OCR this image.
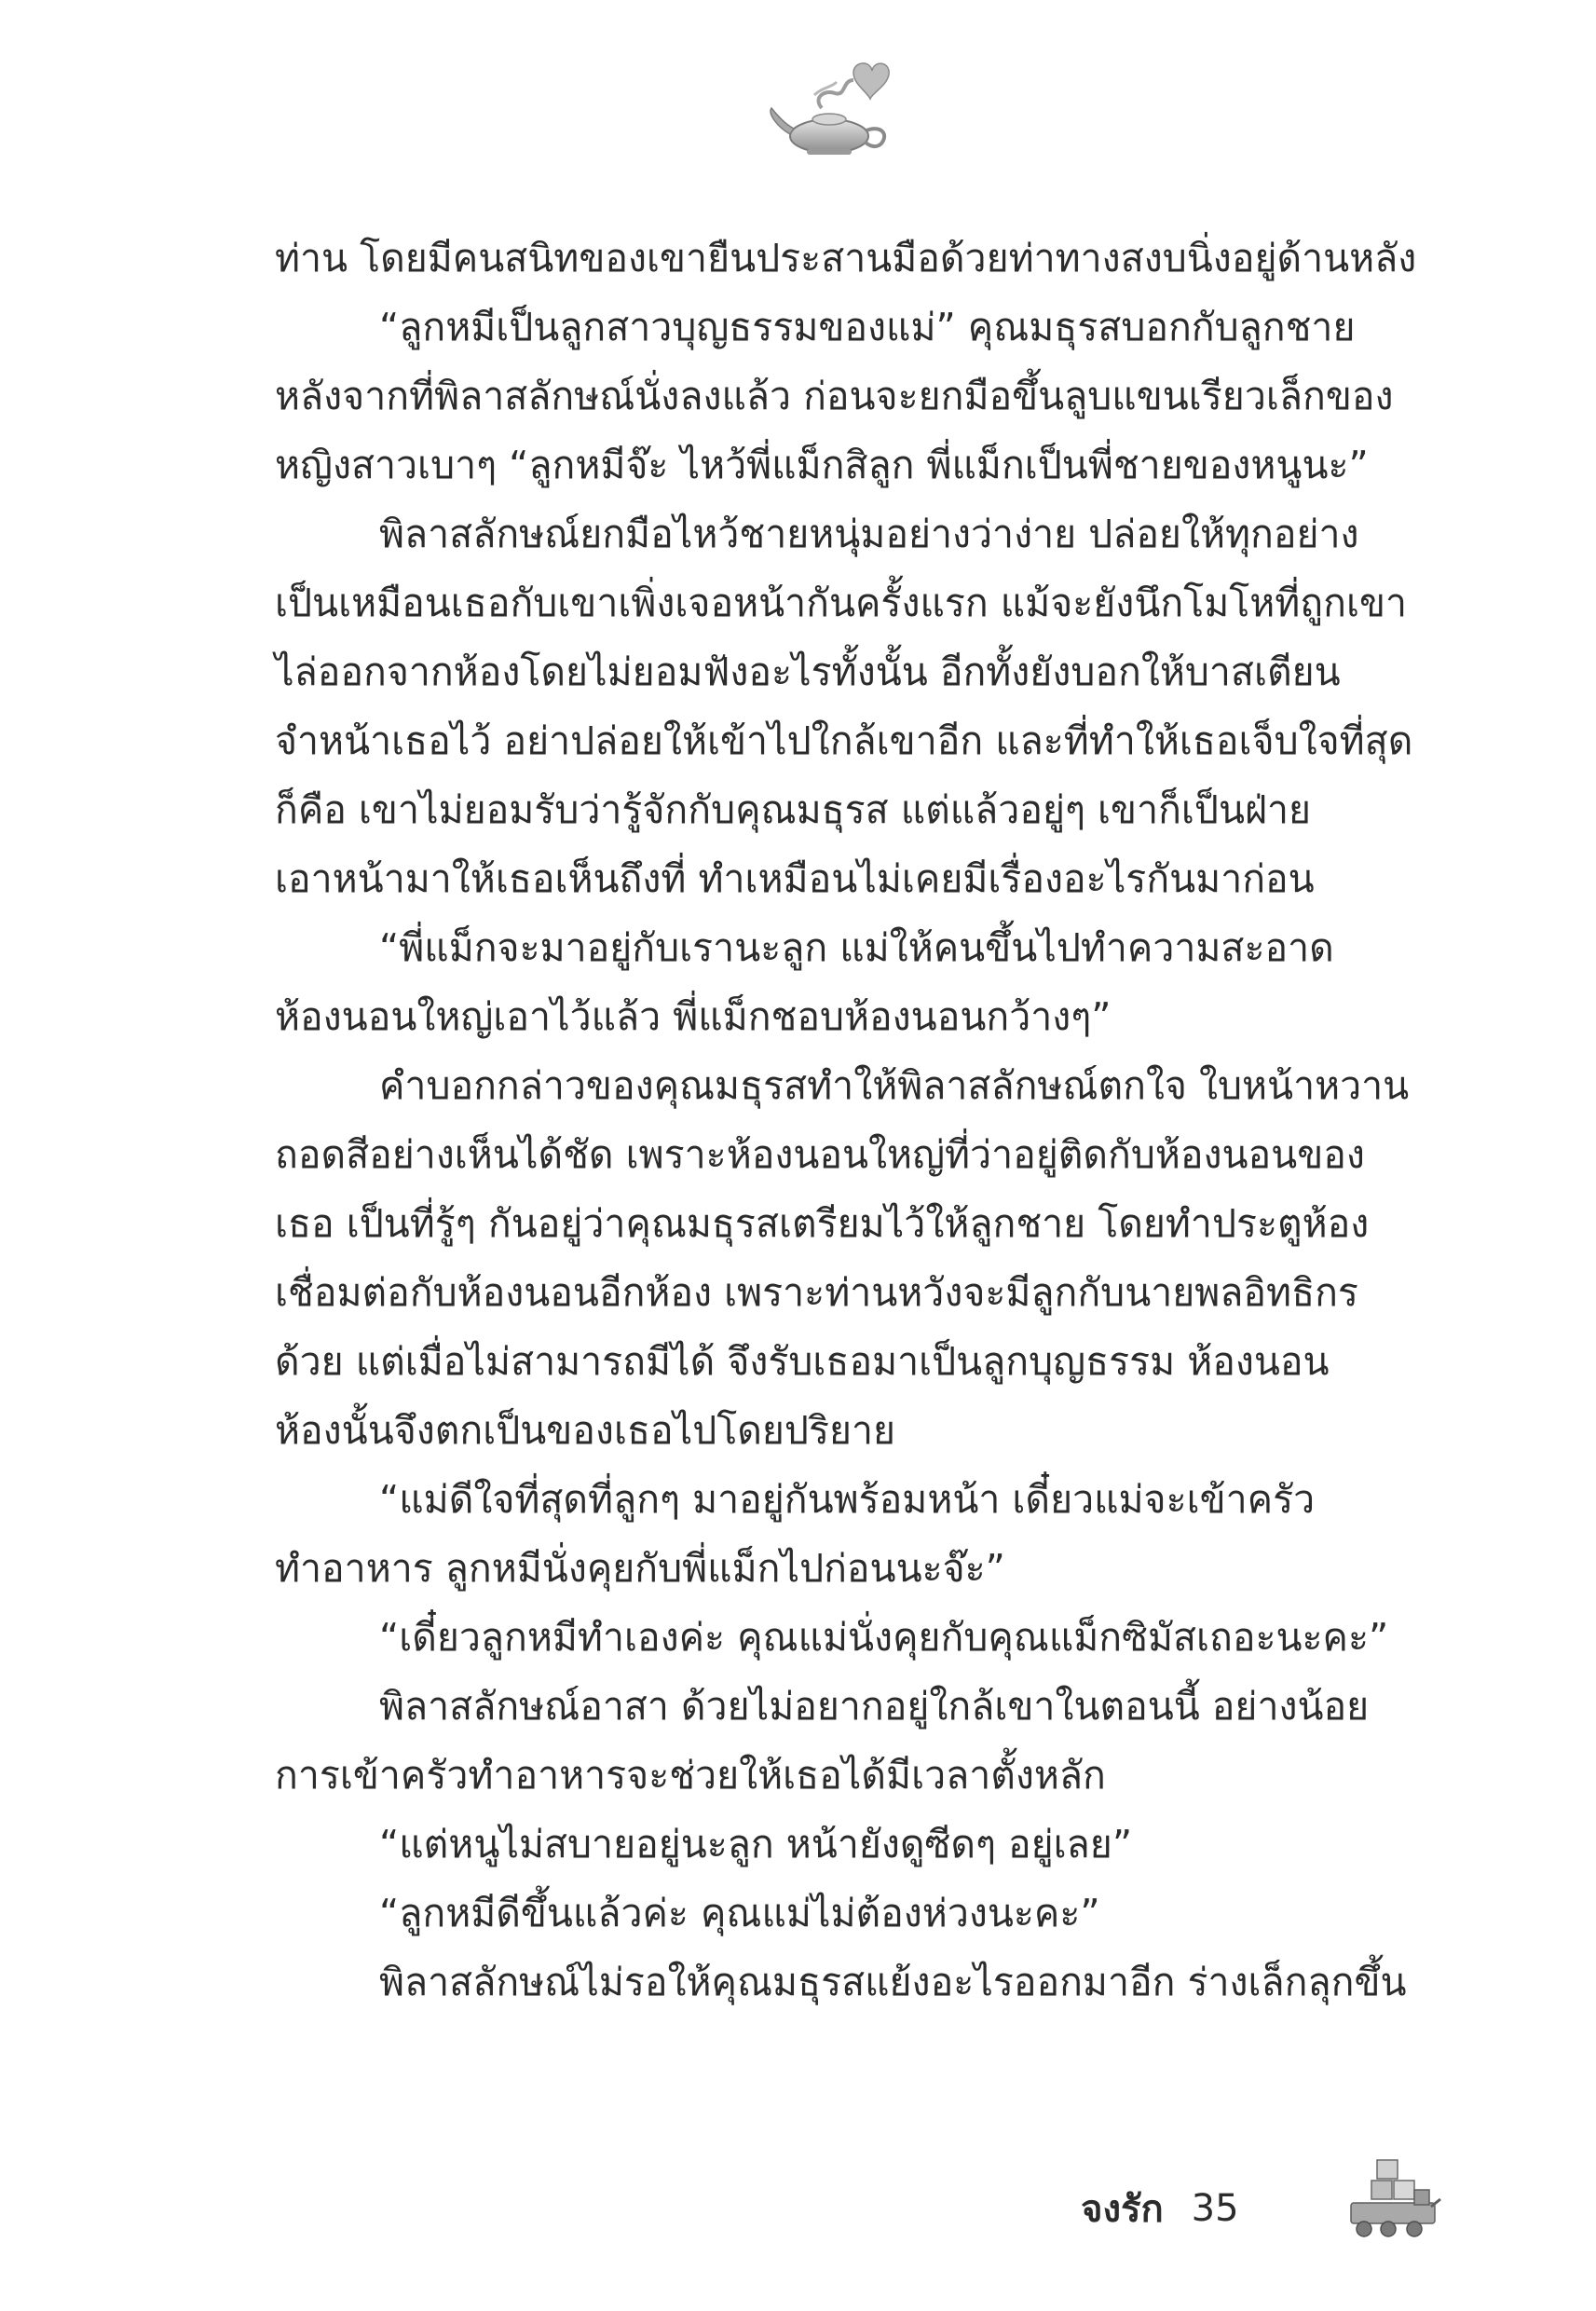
ท่าน โดยมีคนสนิทของเขายืนประสานมือด้วยท่าทางสงบนิ่งอยู่ด้านหลัง
“ลูกหมีเป็นลูกสาวบุญธรรมของแม่” คุณมธุรสบอกกับลูกชาย
หลังจากที่พิลาสลักษณ์นั่งลงแล้ว ก่อนจะยกมือขึ้นลูบแขนเรียวเล็กของ
หญิงสาวเบาๆ “ลูกหมีจ๊ะ ไหว้พี่แม็กสิลูก พี่แม็กเป็นพี่ชายของหนูนะ”
พิลาสลักษณ์ยกมือไหว้ชายหนุ่มอย่างว่าง่าย ปล่อยให้ทุกอย่าง
เป็นเหมือนเธอกับเขาเพิ่งเจอหน้ากันครั้งแรก แม้จะยังนึกโมโหที่ถูกเขา
ไล่ออกจากห้องโดยไม่ยอมฟังอะไรทั้งนั้น อีกทั้งยังบอกให้บาสเตียน
จำหน้าเธอไว้ อย่าปล่อยให้เข้าไปใกล้เขาอีก และที่ทำให้เธอเจ็บใจที่สุด
ก็คือ เขาไม่ยอมรับว่ารู้จักกับคุณมธุรส แต่แล้วอยู่ๆ เขาก็เป็นฝ่าย
เอาหน้ามาให้เธอเห็นถึงที่ ทำเหมือนไม่เคยมีเรื่องอะไรกันมาก่อน
“พี่แม็กจะมาอยู่กับเรานะลูก แม่ให้คนขึ้นไปทำความสะอาด
ห้องนอนใหญ่เอาไว้แล้ว พี่แม็กชอบห้องนอนกว้างๆ”
คำบอกกล่าวของคุณมธุรสทำให้พิลาสลักษณ์ตกใจ ใบหน้าหวาน
ถอดสีอย่างเห็นได้ชัด เพราะห้องนอนใหญ่ที่ว่าอยู่ติดกับห้องนอนของ
เธอ เป็นที่รู้ๆ กันอยู่ว่าคุณมธุรสเตรียมไว้ให้ลูกชาย โดยทำประตูห้อง
เชื่อมต่อกับห้องนอนอีกห้อง เพราะท่านหวังจะมีลูกกับนายพลอิทธิกร
ด้วย แต่เมื่อไม่สามารถมีได้ จึงรับเธอมาเป็นลูกบุญธรรม ห้องนอน
ห้องนั้นจึงตกเป็นของเธอไปโดยปริยาย
“แม่ดีใจที่สุดที่ลูกๆ มาอยู่กันพร้อมหน้า เดี๋ยวแม่จะเข้าครัว
ทำอาหาร ลูกหมีนั่งคุยกับพี่แม็กไปก่อนนะจ๊ะ”
“เดี๋ยวลูกหมีทำเองค่ะ คุณแม่นั่งคุยกับคุณแม็กซิมัสเถอะนะคะ”
พิลาสลักษณ์อาสา ด้วยไม่อยากอยู่ใกล้เขาในตอนนี้ อย่างน้อย
การเข้าครัวทำอาหารจะช่วยให้เธอได้มีเวลาตั้งหลัก
“แต่หนูไม่สบายอยู่นะลูก หน้ายังดูซีดๆ อยู่เลย”
“ลูกหมีดีขึ้นแล้วค่ะ คุณแม่ไม่ต้องห่วงนะคะ”
พิลาสลักษณ์ไม่รอให้คุณมธุรสแย้งอะไรออกมาอีก ร่างเล็กลุกขึ้น
จงรัก 35
